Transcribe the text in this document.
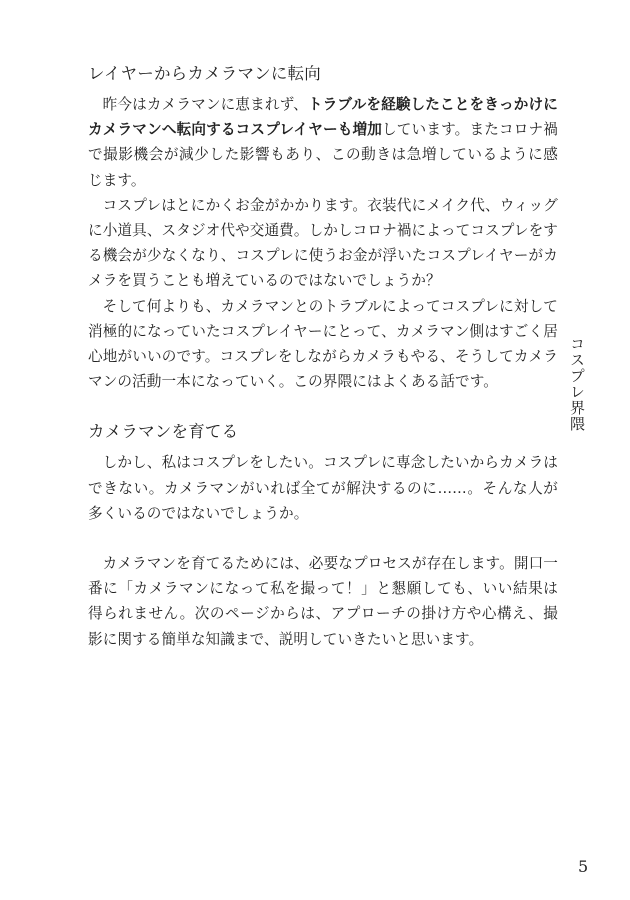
レイヤーからカメラマンに転向

昨今はカメラマンに恵まれず、トラブルを経験したことをきっかけにカメラマンへ転向するコスプレイヤーも増加しています。またコロナ禍で撮影機会が減少した影響もあり、この動きは急増しているように感じます。

コスプレはとにかくお金がかかります。衣装代にメイク代、ウィッグに小道具、スタジオ代や交通費。しかしコロナ禍によってコスプレをする機会が少なくなり、コスプレに使うお金が浮いたコスプレイヤーがカメラを買うことも増えているのではないでしょうか？

そして何よりも、カメラマンとのトラブルによってコスプレに対して消極的になっていたコスプレイヤーにとって、カメラマン側はすごく居心地がいいのです。コスプレをしながらカメラもやる、そうしてカメラマンの活動一本になっていく。この界隈にはよくある話です。

カメラマンを育てる

しかし、私はコスプレをしたい。コスプレに専念したいからカメラはできない。カメラマンがいれば全てが解決するのに……。そんな人が多くいるのではないでしょうか。

カメラマンを育てるためには、必要なプロセスが存在します。開口一番に「カメラマンになって私を撮って！」と懇願しても、いい結果は得られません。次のページからは、アプローチの掛け方や心構え、撮影に関する簡単な知識まで、説明していきたいと思います。

コスプレ界隈
5
